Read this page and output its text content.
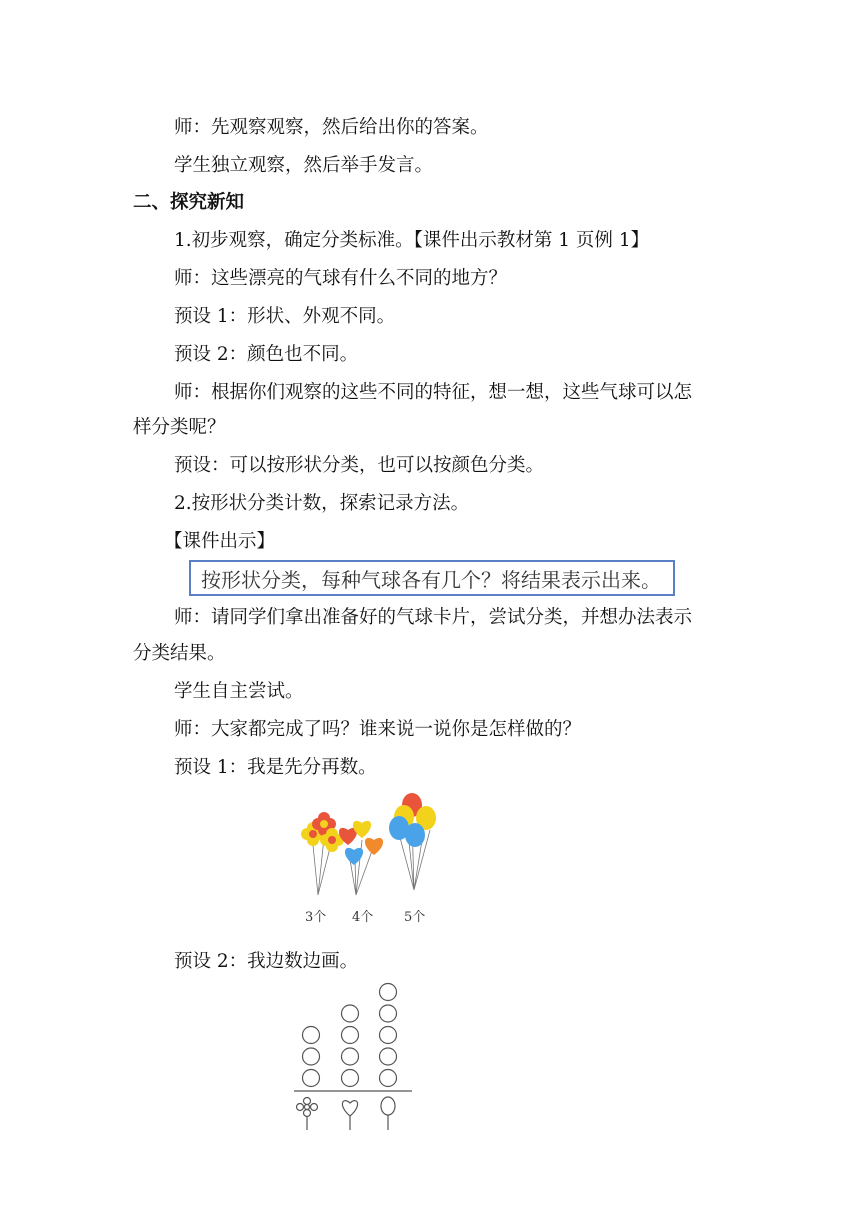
师：先观察观察，然后给出你的答案。
学生独立观察，然后举手发言。
二、探究新知
1.初步观察，确定分类标准。【课件出示教材第 1 页例 1】
师：这些漂亮的气球有什么不同的地方？
预设 1：形状、外观不同。
预设 2：颜色也不同。
师：根据你们观察的这些不同的特征，想一想，这些气球可以怎
样分类呢？
预设：可以按形状分类，也可以按颜色分类。
2.按形状分类计数，探索记录方法。
【课件出示】
按形状分类，每种气球各有几个？将结果表示出来。
师：请同学们拿出准备好的气球卡片，尝试分类，并想办法表示
分类结果。
学生自主尝试。
师：大家都完成了吗？谁来说一说你是怎样做的？
预设 1：我是先分再数。
3个 4个 5个
预设 2：我边数边画。
